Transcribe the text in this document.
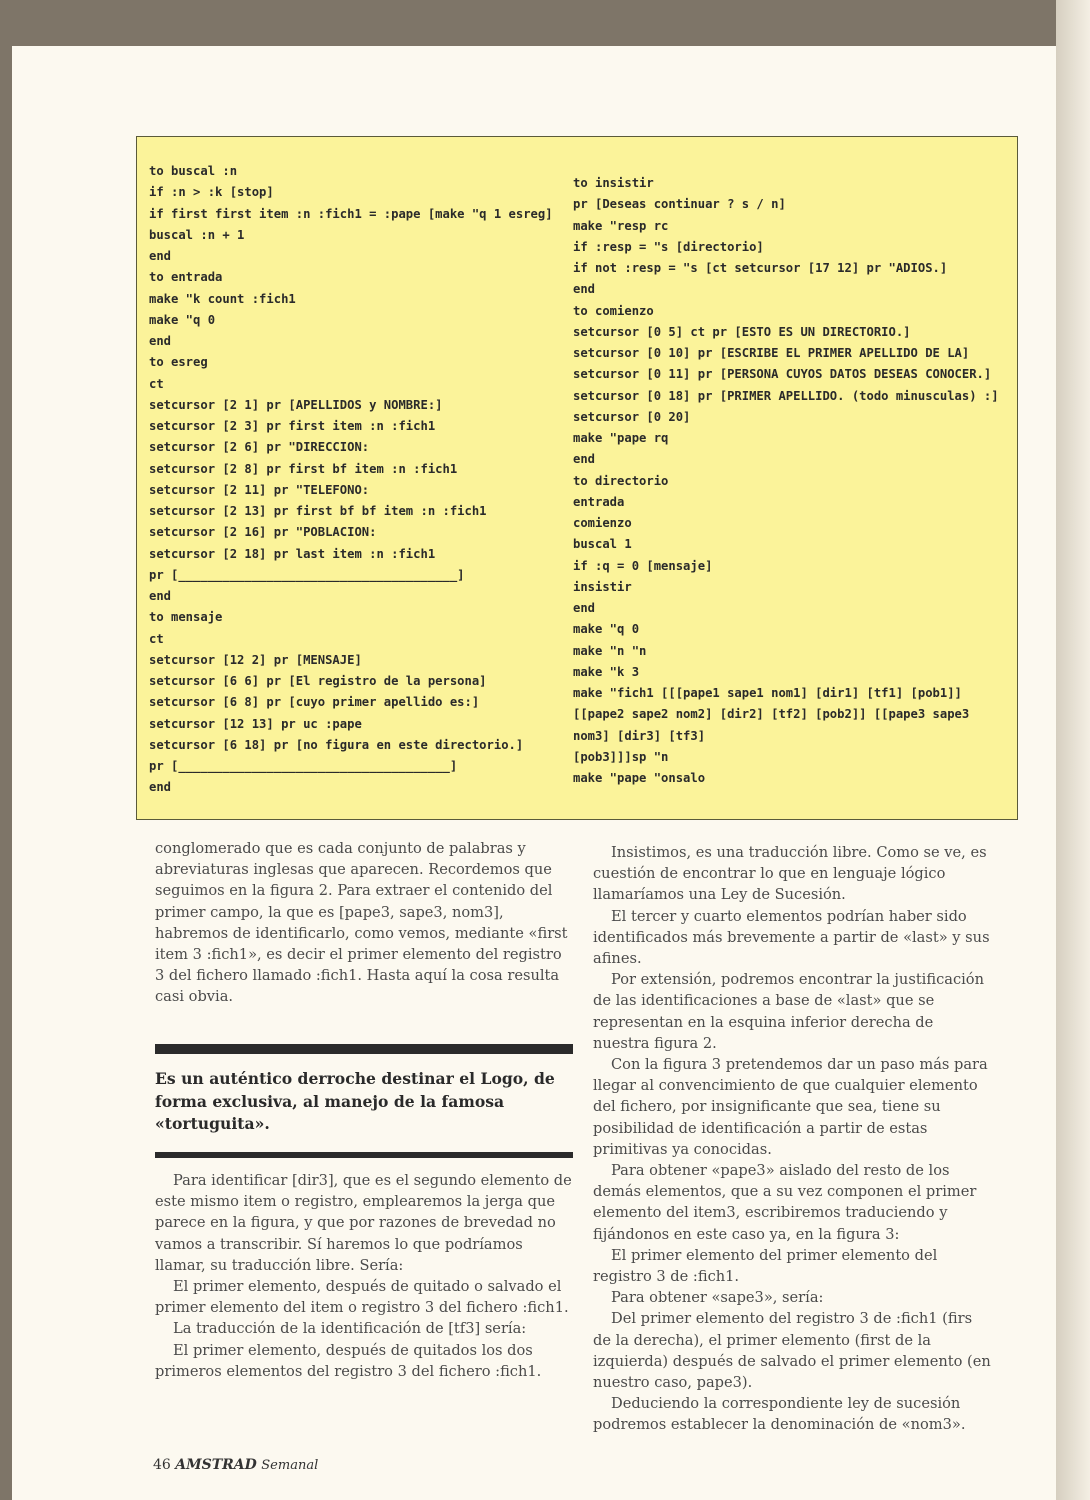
to buscal :n
if :n > :k [stop]
if first first item :n :fich1 = :pape [make "q 1 esreg]
buscal :n + 1
end
to entrada
make "k count :fich1
make "q 0
end
to esreg
ct
setcursor [2 1] pr [APELLIDOS y NOMBRE:]
setcursor [2 3] pr first item :n :fich1
setcursor [2 6] pr "DIRECCION:
setcursor [2 8] pr first bf item :n :fich1
setcursor [2 11] pr "TELEFONO:
setcursor [2 13] pr first bf bf item :n :fich1
setcursor [2 16] pr "POBLACION:
setcursor [2 18] pr last item :n :fich1
pr [______________________________________]
end
to mensaje
ct
setcursor [12 2] pr [MENSAJE]
setcursor [6 6] pr [El registro de la persona]
setcursor [6 8] pr [cuyo primer apellido es:]
setcursor [12 13] pr uc :pape
setcursor [6 18] pr [no figura en este directorio.]
pr [_____________________________________]
end
to insistir
pr [Deseas continuar ? s / n]
make "resp rc
if :resp = "s [directorio]
if not :resp = "s [ct setcursor [17 12] pr "ADIOS.]
end
to comienzo
setcursor [0 5] ct pr [ESTO ES UN DIRECTORIO.]
setcursor [0 10] pr [ESCRIBE EL PRIMER APELLIDO DE LA]
setcursor [0 11] pr [PERSONA CUYOS DATOS DESEAS CONOCER.]
setcursor [0 18] pr [PRIMER APELLIDO. (todo minusculas) :]
setcursor [0 20]
make "pape rq
end
to directorio
entrada
comienzo
buscal 1
if :q = 0 [mensaje]
insistir
end
make "q 0
make "n "n
make "k 3
make "fich1 [[[pape1 sape1 nom1] [dir1] [tf1] [pob1]]
[[pape2 sape2 nom2] [dir2] [tf2] [pob2]] [[pape3 sape3
nom3] [dir3] [tf3]
[pob3]]]sp "n
make "pape "onsalo

conglomerado que es cada conjunto de palabras y abreviaturas inglesas que aparecen. Recordemos que seguimos en la figura 2. Para extraer el contenido del primer campo, la que es [pape3, sape3, nom3], habremos de identificarlo, como vemos, mediante «first item 3 :fich1», es decir el primer elemento del registro 3 del fichero llamado :fich1. Hasta aquí la cosa resulta casi obvia.

Es un auténtico derroche destinar el Logo, de forma exclusiva, al manejo de la famosa «tortuguita».

Para identificar [dir3], que es el segundo elemento de este mismo item o registro, emplearemos la jerga que parece en la figura, y que por razones de brevedad no vamos a transcribir. Sí haremos lo que podríamos llamar, su traducción libre. Sería:

El primer elemento, después de quitado o salvado el primer elemento del item o registro 3 del fichero :fich1.

La traducción de la identificación de [tf3] sería:

El primer elemento, después de quitados los dos primeros elementos del registro 3 del fichero :fich1.

Insistimos, es una traducción libre. Como se ve, es cuestión de encontrar lo que en lenguaje lógico llamaríamos una Ley de Sucesión.

El tercer y cuarto elementos podrían haber sido identificados más brevemente a partir de «last» y sus afines.

Por extensión, podremos encontrar la justificación de las identificaciones a base de «last» que se representan en la esquina inferior derecha de nuestra figura 2.

Con la figura 3 pretendemos dar un paso más para llegar al convencimiento de que cualquier elemento del fichero, por insignificante que sea, tiene su posibilidad de identificación a partir de estas primitivas ya conocidas.

Para obtener «pape3» aislado del resto de los demás elementos, que a su vez componen el primer elemento del item3, escribiremos traduciendo y fijándonos en este caso ya, en la figura 3:

El primer elemento del primer elemento del registro 3 de :fich1.

Para obtener «sape3», sería:

Del primer elemento del registro 3 de :fich1 (firs de la derecha), el primer elemento (first de la izquierda) después de salvado el primer elemento (en nuestro caso, pape3).

Deduciendo la correspondiente ley de sucesión podremos establecer la denominación de «nom3».

46 AMSTRAD Semanal
